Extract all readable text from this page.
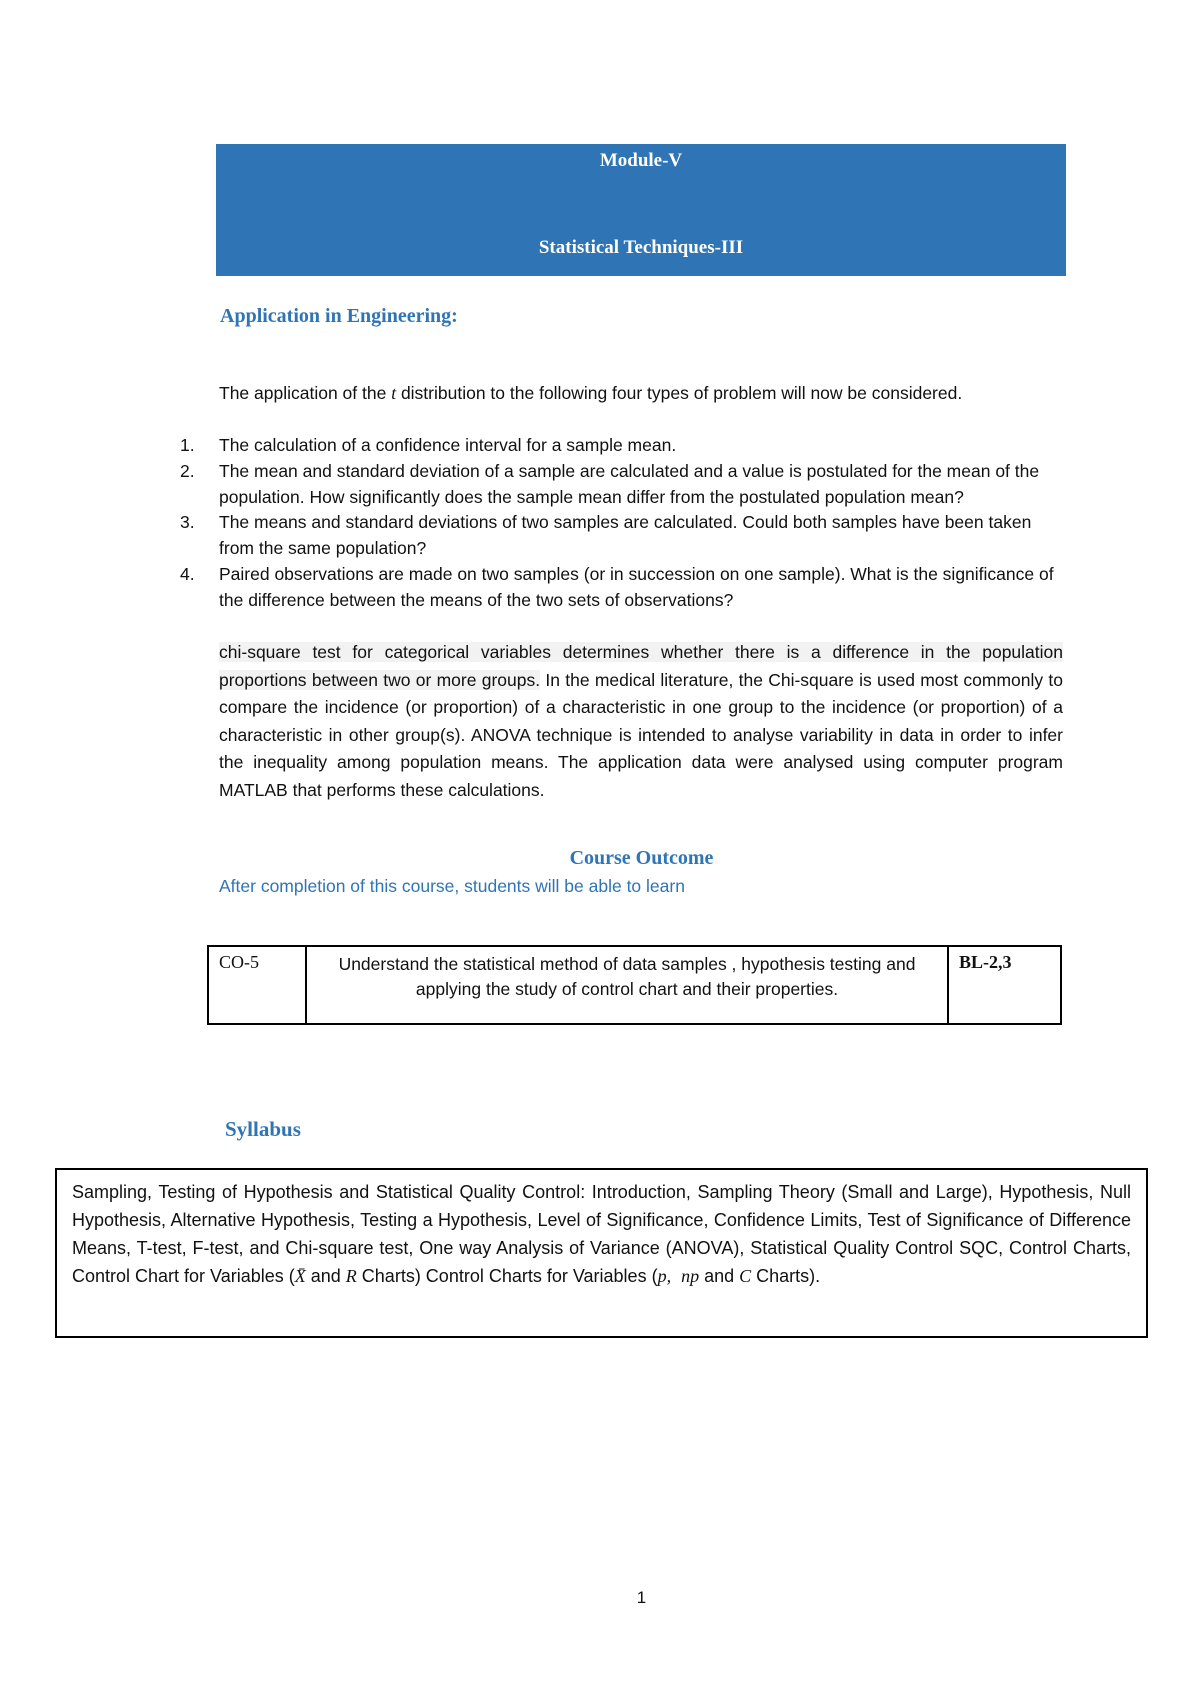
Module-V
Statistical Techniques-III
Application in Engineering:
The application of the t distribution to the following four types of problem will now be considered.
1. The calculation of a confidence interval for a sample mean.
2. The mean and standard deviation of a sample are calculated and a value is postulated for the mean of the population. How significantly does the sample mean differ from the postulated population mean?
3. The means and standard deviations of two samples are calculated. Could both samples have been taken from the same population?
4. Paired observations are made on two samples (or in succession on one sample). What is the significance of the difference between the means of the two sets of observations?
chi-square test for categorical variables determines whether there is a difference in the population proportions between two or more groups. In the medical literature, the Chi-square is used most commonly to compare the incidence (or proportion) of a characteristic in one group to the incidence (or proportion) of a characteristic in other group(s). ANOVA technique is intended to analyse variability in data in order to infer the inequality among population means. The application data were analysed using computer program MATLAB that performs these calculations.
Course Outcome
After completion of this course, students will be able to learn
CO-5	Understand the statistical method of data samples , hypothesis testing and applying the study of control chart and their properties.	BL-2,3
Syllabus
Sampling, Testing of Hypothesis and Statistical Quality Control: Introduction, Sampling Theory (Small and Large), Hypothesis, Null Hypothesis, Alternative Hypothesis, Testing a Hypothesis, Level of Significance, Confidence Limits, Test of Significance of Difference Means, T-test, F-test, and Chi-square test, One way Analysis of Variance (ANOVA), Statistical Quality Control SQC, Control Charts, Control Chart for Variables (X̄ and R Charts) Control Charts for Variables (p, np and C Charts).
1
